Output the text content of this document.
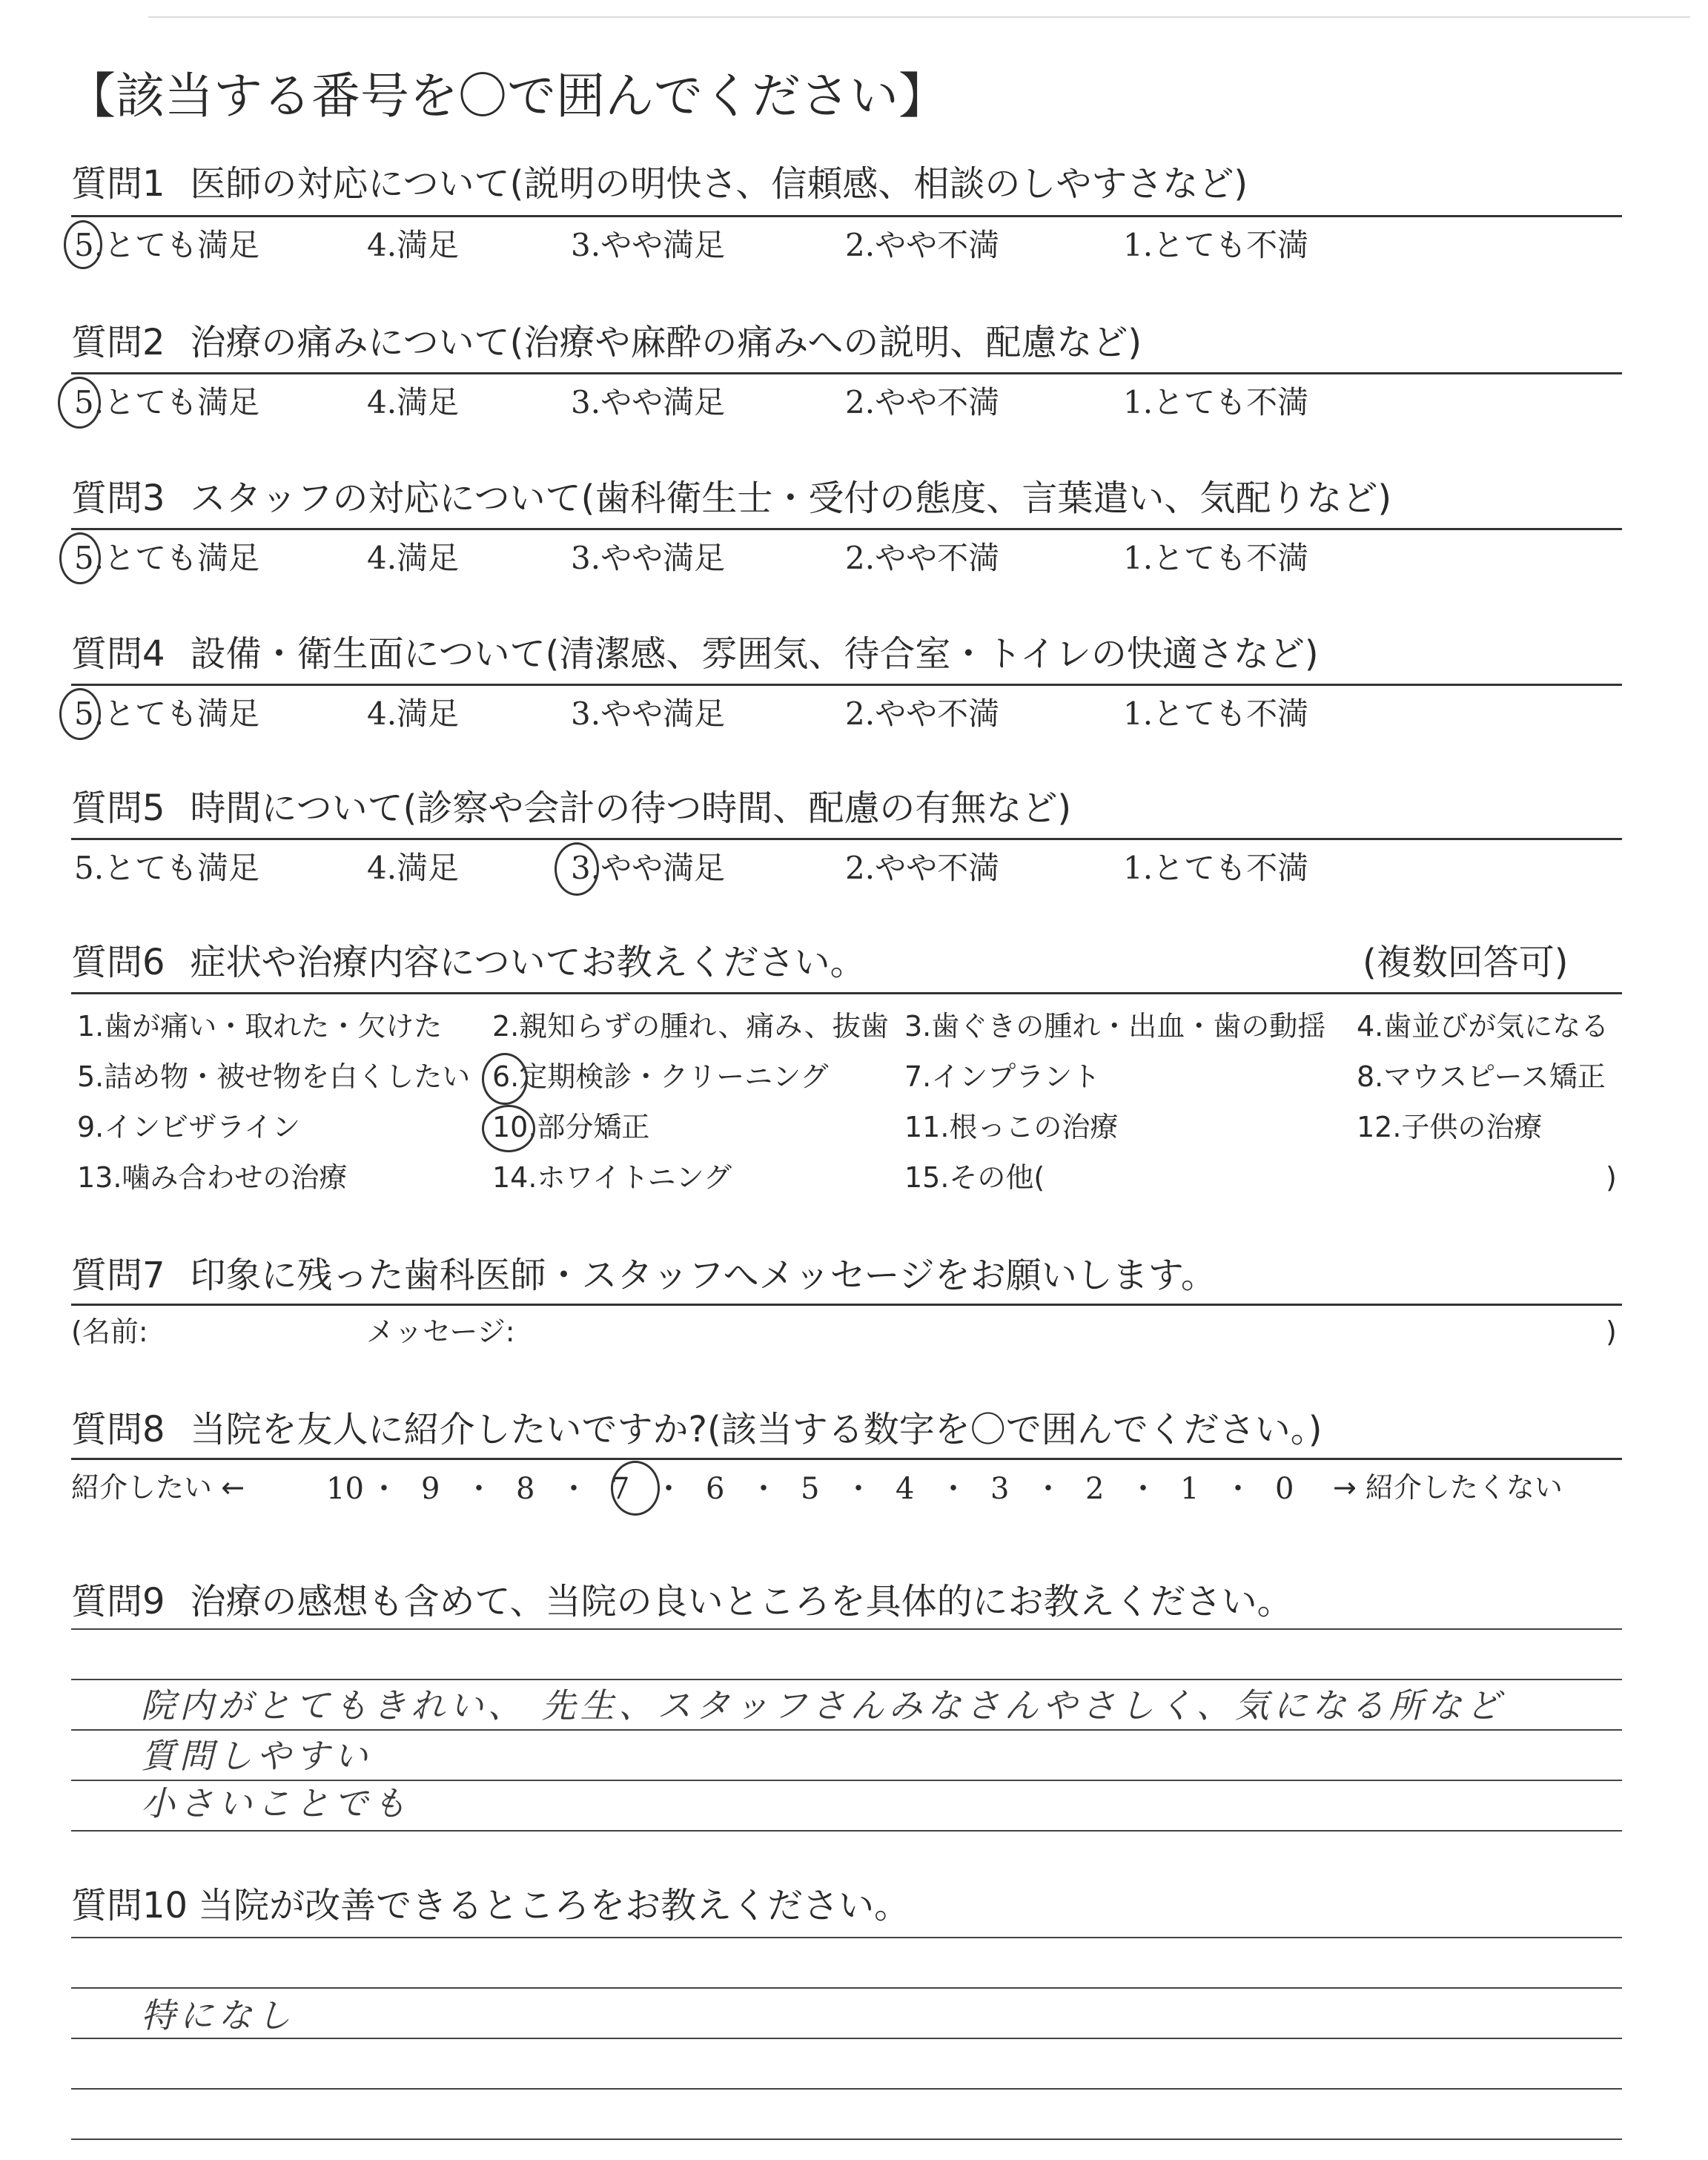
【該当する番号を〇で囲んでください】
質問1 医師の対応について(説明の明快さ、信頼感、相談のしやすさなど)
5.とても満足	4.満足	3.やや満足	2.やや不満	1.とても不満
質問2 治療の痛みについて(治療や麻酔の痛みへの説明、配慮など)
5.とても満足	4.満足	3.やや満足	2.やや不満	1.とても不満
質問3 スタッフの対応について(歯科衛生士・受付の態度、言葉遣い、気配りなど)
5.とても満足	4.満足	3.やや満足	2.やや不満	1.とても不満
質問4 設備・衛生面について(清潔感、雰囲気、待合室・トイレの快適さなど)
5.とても満足	4.満足	3.やや満足	2.やや不満	1.とても不満
質問5 時間について(診察や会計の待つ時間、配慮の有無など)
5.とても満足	4.満足	3.やや満足	2.やや不満	1.とても不満
質問6 症状や治療内容についてお教えください。	(複数回答可)
1.歯が痛い・取れた・欠けた 2.親知らずの腫れ、痛み、抜歯 3.歯ぐきの腫れ・出血・歯の動揺 4.歯並びが気になる
5.詰め物・被せ物を白くしたい 6.定期検診・クリーニング	7.インプラント	8.マウスピース矯正
9.インビザライン	10.部分矯正	11.根っこの治療	12.子供の治療
13.噛み合わせの治療	14.ホワイトニング	15.その他(	)
質問7 印象に残った歯科医師・スタッフへメッセージをお願いします。
(名前:	メッセージ:	)
質問8 当院を友人に紹介したいですか?(該当する数字を〇で囲んでください。)
紹介したい ←	→ 紹介したくない
10 ・ 9 ・ 8 ・ 7 ・ 6 ・ 5 ・ 4 ・ 3 ・ 2 ・ 1 ・ 0
質問9 治療の感想も含めて、当院の良いところを具体的にお教えください。
院内がとてもきれい、 先生、スタッフさんみなさんやさしく、気になる所など
質問しやすい
小さいことでも
質問10 当院が改善できるところをお教えください。
特になし
